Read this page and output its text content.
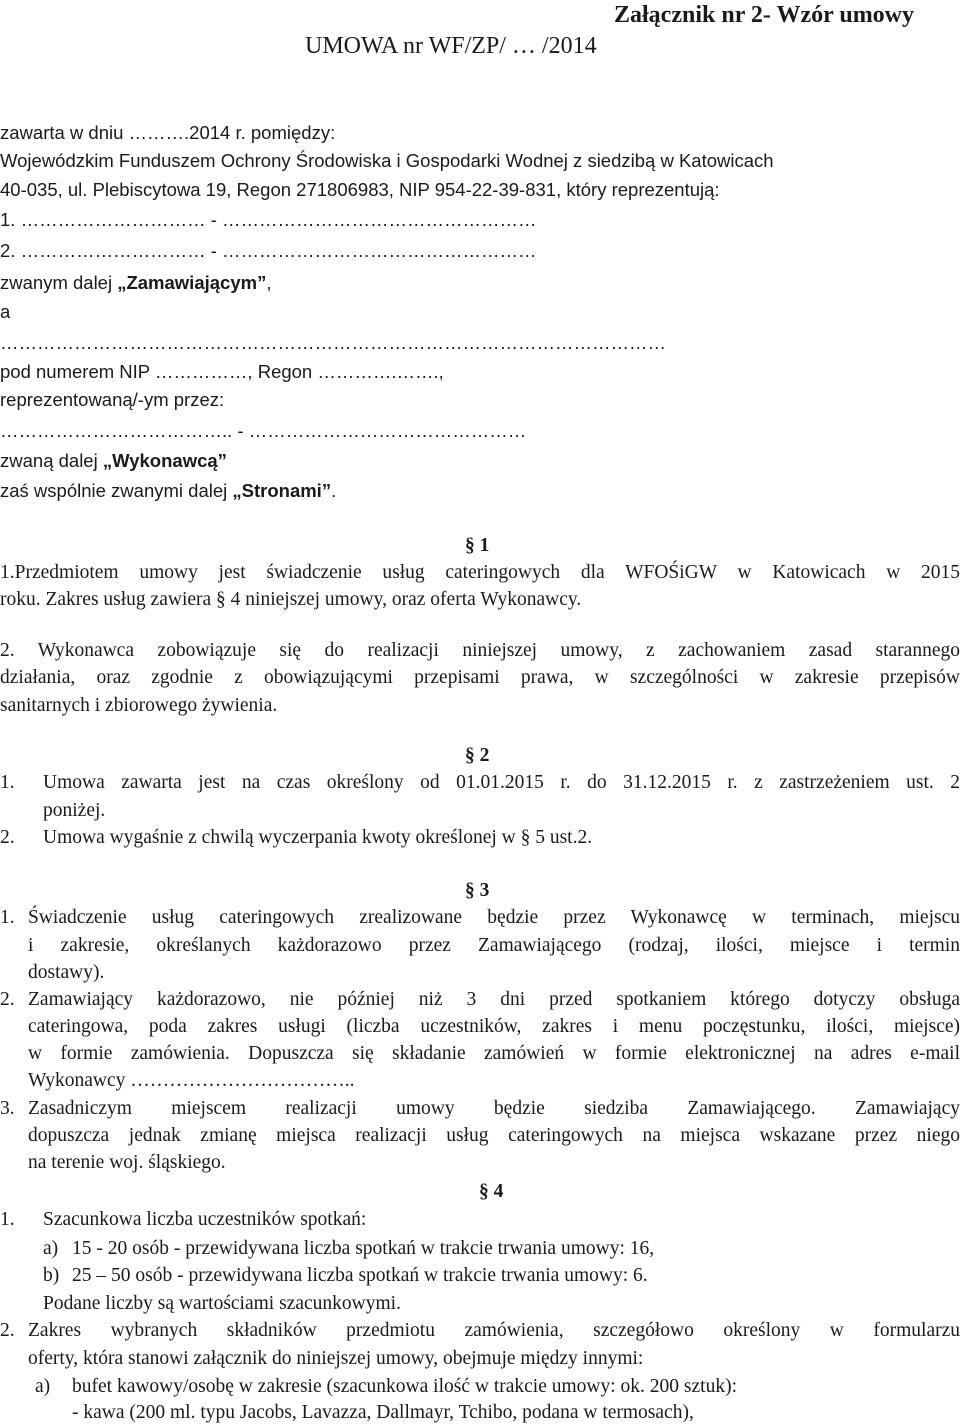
Załącznik nr 2- Wzór umowy
UMOWA nr WF/ZP/ … /2014
zawarta w dniu ……….2014 r. pomiędzy:
Wojewódzkim Funduszem Ochrony Środowiska i Gospodarki Wodnej z siedzibą w Katowicach
40-035, ul. Plebiscytowa 19, Regon 271806983, NIP 954-22-39-831, który reprezentują:
1. ………………………… - ……………………………………………
2. ………………………… - ……………………………………………
zwanym dalej „Zamawiającym”,
a
………………………………………………………………………………………………
pod numerem NIP ……………, Regon ………….…….,
reprezentowaną/-ym przez:
……………………………….. - ………………………………………
zwaną dalej „Wykonawcą”
zaś wspólnie zwanymi dalej „Stronami”.
§ 1
1.Przedmiotem umowy jest świadczenie usług cateringowych dla WFOŚiGW w Katowicach w 2015
roku. Zakres usług zawiera § 4 niniejszej umowy, oraz oferta Wykonawcy.
2. Wykonawca zobowiązuje się do realizacji niniejszej umowy, z zachowaniem zasad starannego
działania, oraz zgodnie z obowiązującymi przepisami prawa, w szczególności w zakresie przepisów
sanitarnych i zbiorowego żywienia.
§ 2
1. Umowa zawarta jest na czas określony od 01.01.2015 r. do 31.12.2015 r. z zastrzeżeniem ust. 2
poniżej.
2. Umowa wygaśnie z chwilą wyczerpania kwoty określonej w § 5 ust.2.
§ 3
1. Świadczenie usług cateringowych zrealizowane będzie przez Wykonawcę w terminach, miejscu
i zakresie, określanych każdorazowo przez Zamawiającego (rodzaj, ilości, miejsce i termin
dostawy).
2. Zamawiający każdorazowo, nie później niż 3 dni przed spotkaniem którego dotyczy obsługa
cateringowa, poda zakres usługi (liczba uczestników, zakres i menu poczęstunku, ilości, miejsce)
w formie zamówienia. Dopuszcza się składanie zamówień w formie elektronicznej na adres e-mail
Wykonawcy ……………………………..
3. Zasadniczym miejscem realizacji umowy będzie siedziba Zamawiającego. Zamawiający
dopuszcza jednak zmianę miejsca realizacji usług cateringowych na miejsca wskazane przez niego
na terenie woj. śląskiego.
§ 4
1. Szacunkowa liczba uczestników spotkań:
a) 15 - 20 osób - przewidywana liczba spotkań w trakcie trwania umowy: 16,
b) 25 – 50 osób - przewidywana liczba spotkań w trakcie trwania umowy: 6.
Podane liczby są wartościami szacunkowymi.
2. Zakres wybranych składników przedmiotu zamówienia, szczegółowo określony w formularzu
oferty, która stanowi załącznik do niniejszej umowy, obejmuje między innymi:
a) bufet kawowy/osobę w zakresie (szacunkowa ilość w trakcie umowy: ok. 200 sztuk):
- kawa (200 ml. typu Jacobs, Lavazza, Dallmayr, Tchibo, podana w termosach),
